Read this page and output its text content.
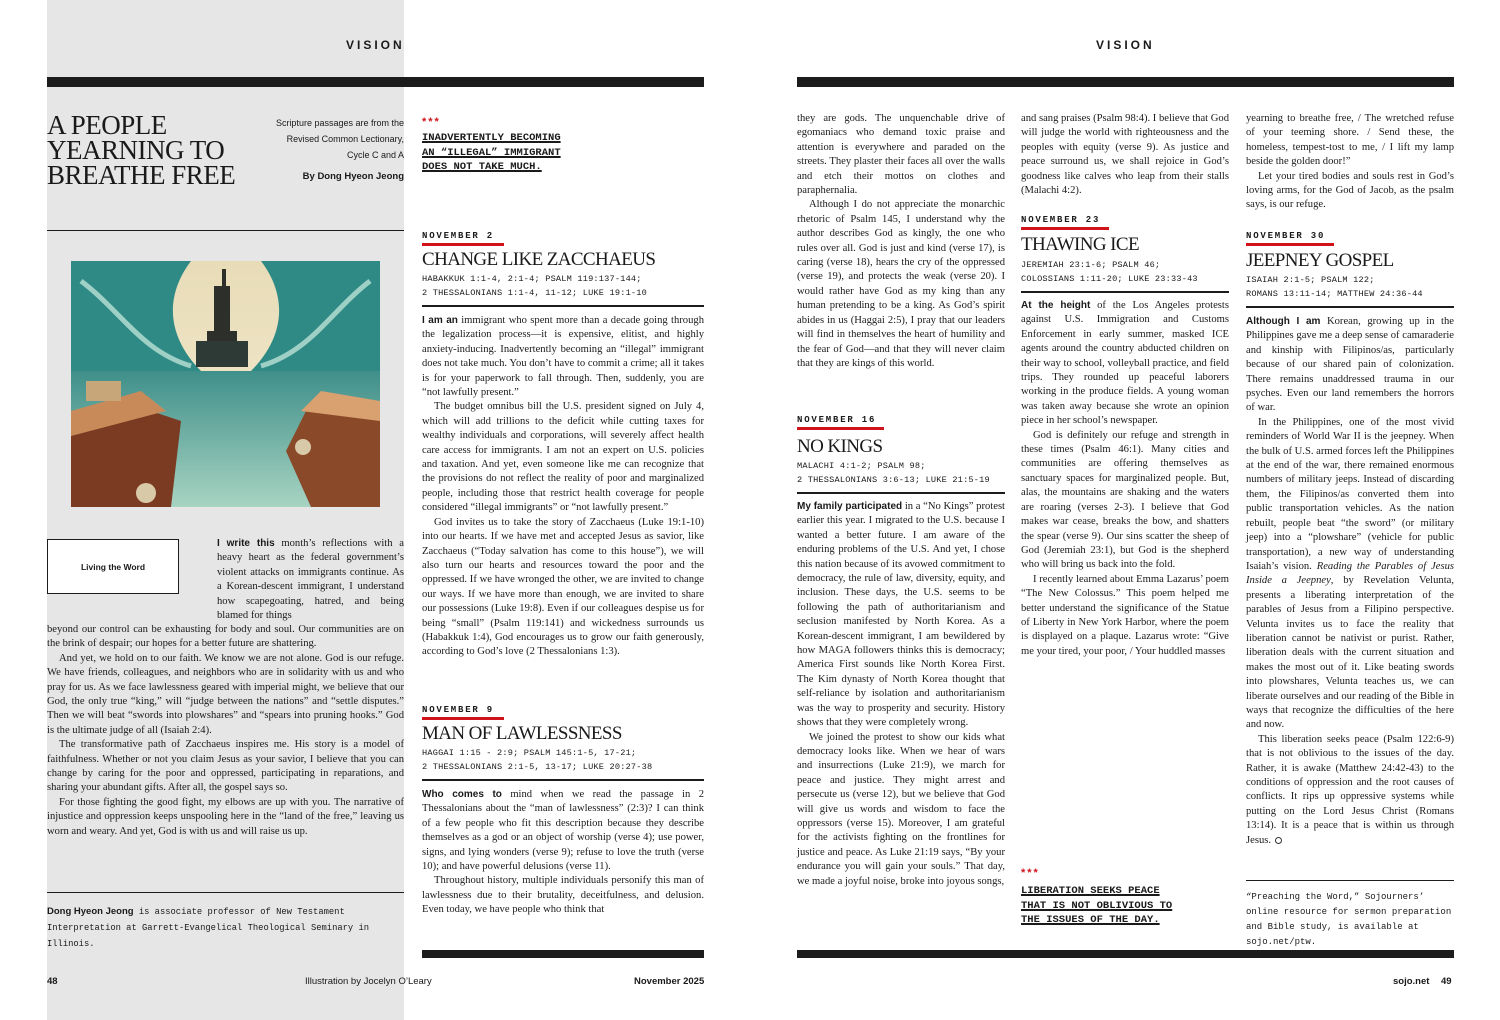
VISION	VISION
A PEOPLE YEARNING TO BREATHE FREE
Scripture passages are from the Revised Common Lectionary, Cycle C and A
By Dong Hyeon Jeong
Living the Word

I write this month’s reflections with a heavy heart as the federal government’s violent attacks on immigrants continue. As a Korean-descent immigrant, I understand how scapegoating, hatred, and being blamed for things

beyond our control can be exhausting for body and soul. Our communities are on the brink of despair; our hopes for a better future are shattering.

And yet, we hold on to our faith. We know we are not alone. God is our refuge. We have friends, colleagues, and neighbors who are in solidarity with us and who pray for us. As we face lawlessness geared with imperial might, we believe that our God, the only true “king,” will “judge between the nations” and “settle disputes.” Then we will beat “swords into plowshares” and “spears into pruning hooks.” God is the ultimate judge of all (Isaiah 2:4).

The transformative path of Zacchaeus inspires me. His story is a model of faithfulness. Whether or not you claim Jesus as your savior, I believe that you can change by caring for the poor and oppressed, participating in reparations, and sharing your abundant gifts. After all, the gospel says so.

For those fighting the good fight, my elbows are up with you. The narrative of injustice and oppression keeps unspooling here in the “land of the free,” leaving us worn and weary. And yet, God is with us and will raise us up.

Dong Hyeon Jeong is associate professor of New Testament Interpretation at Garrett-Evangelical Theological Seminary in Illinois.
***
INADVERTENTLY BECOMING
AN “ILLEGAL” IMMIGRANT
DOES NOT TAKE MUCH.
NOVEMBER 2
CHANGE LIKE ZACCHAEUS
HABAKKUK 1:1-4, 2:1-4; PSALM 119:137-144;
2 THESSALONIANS 1:1-4, 11-12; LUKE 19:1-10

I am an immigrant who spent more than a decade going through the legalization process—it is expensive, elitist, and highly anxiety-inducing. Inadvertently becoming an “illegal” immigrant does not take much. You don’t have to commit a crime; all it takes is for your paperwork to fall through. Then, suddenly, you are “not lawfully present.”

The budget omnibus bill the U.S. president signed on July 4, which will add trillions to the deficit while cutting taxes for wealthy individuals and corporations, will severely affect health care access for immigrants. I am not an expert on U.S. policies and taxation. And yet, even someone like me can recognize that the provisions do not reflect the reality of poor and marginalized people, including those that restrict health coverage for people considered “illegal immigrants” or “not lawfully present.”

God invites us to take the story of Zacchaeus (Luke 19:1-10) into our hearts. If we have met and accepted Jesus as savior, like Zacchaeus (“Today salvation has come to this house”), we will also turn our hearts and resources toward the poor and the oppressed. If we have wronged the other, we are invited to change our ways. If we have more than enough, we are invited to share our possessions (Luke 19:8). Even if our colleagues despise us for being “small” (Psalm 119:141) and wickedness surrounds us (Habakkuk 1:4), God encourages us to grow our faith generously, according to God’s love (2 Thessalonians 1:3).

NOVEMBER 9
MAN OF LAWLESSNESS
HAGGAI 1:15 - 2:9; PSALM 145:1-5, 17-21;
2 THESSALONIANS 2:1-5, 13-17; LUKE 20:27-38

Who comes to mind when we read the passage in 2 Thessalonians about the “man of lawlessness” (2:3)? I can think of a few people who fit this description because they describe themselves as a god or an object of worship (verse 4); use power, signs, and lying wonders (verse 9); refuse to love the truth (verse 10); and have powerful delusions (verse 11).

Throughout history, multiple individuals personify this man of lawlessness due to their brutality, deceitfulness, and delusion. Even today, we have people who think that

they are gods. The unquenchable drive of egomaniacs who demand toxic praise and attention is everywhere and paraded on the streets. They plaster their faces all over the walls and etch their mottos on clothes and paraphernalia.

Although I do not appreciate the monarchic rhetoric of Psalm 145, I understand why the author describes God as kingly, the one who rules over all. God is just and kind (verse 17), is caring (verse 18), hears the cry of the oppressed (verse 19), and protects the weak (verse 20). I would rather have God as my king than any human pretending to be a king. As God’s spirit abides in us (Haggai 2:5), I pray that our leaders will find in themselves the heart of humility and the fear of God—and that they will never claim that they are kings of this world.

NOVEMBER 16
NO KINGS
MALACHI 4:1-2; PSALM 98;
2 THESSALONIANS 3:6-13; LUKE 21:5-19

My family participated in a “No Kings” protest earlier this year. I migrated to the U.S. because I wanted a better future. I am aware of the enduring problems of the U.S. And yet, I chose this nation because of its avowed commitment to democracy, the rule of law, diversity, equity, and inclusion. These days, the U.S. seems to be following the path of authoritarianism and seclusion manifested by North Korea. As a Korean-descent immigrant, I am bewildered by how MAGA followers thinks this is democracy; America First sounds like North Korea First. The Kim dynasty of North Korea thought that self-reliance by isolation and authoritarianism was the way to prosperity and security. History shows that they were completely wrong.

We joined the protest to show our kids what democracy looks like. When we hear of wars and insurrections (Luke 21:9), we march for peace and justice. They might arrest and persecute us (verse 12), but we believe that God will give us words and wisdom to face the oppressors (verse 15). Moreover, I am grateful for the activists fighting on the frontlines for justice and peace. As Luke 21:19 says, “By your endurance you will gain your souls.” That day, we made a joyful noise, broke into joyous songs,

and sang praises (Psalm 98:4). I believe that God will judge the world with righteousness and the peoples with equity (verse 9). As justice and peace surround us, we shall rejoice in God’s goodness like calves who leap from their stalls (Malachi 4:2).

NOVEMBER 23
THAWING ICE
JEREMIAH 23:1-6; PSALM 46;
COLOSSIANS 1:11-20; LUKE 23:33-43

At the height of the Los Angeles protests against U.S. Immigration and Customs Enforcement in early summer, masked ICE agents around the country abducted children on their way to school, volleyball practice, and field trips. They rounded up peaceful laborers working in the produce fields. A young woman was taken away because she wrote an opinion piece in her school’s newspaper.

God is definitely our refuge and strength in these times (Psalm 46:1). Many cities and communities are offering themselves as sanctuary spaces for marginalized people. But, alas, the mountains are shaking and the waters are roaring (verses 2-3). I believe that God makes war cease, breaks the bow, and shatters the spear (verse 9). Our sins scatter the sheep of God (Jeremiah 23:1), but God is the shepherd who will bring us back into the fold.

I recently learned about Emma Lazarus’ poem “The New Colossus.” This poem helped me better understand the significance of the Statue of Liberty in New York Harbor, where the poem is displayed on a plaque. Lazarus wrote: “Give me your tired, your poor, / Your huddled masses

***
LIBERATION SEEKS PEACE
THAT IS NOT OBLIVIOUS TO
THE ISSUES OF THE DAY.

yearning to breathe free, / The wretched refuse of your teeming shore. / Send these, the homeless, tempest-tost to me, / I lift my lamp beside the golden door!”

Let your tired bodies and souls rest in God’s loving arms, for the God of Jacob, as the psalm says, is our refuge.

NOVEMBER 30
JEEPNEY GOSPEL
ISAIAH 2:1-5; PSALM 122;
ROMANS 13:11-14; MATTHEW 24:36-44

Although I am Korean, growing up in the Philippines gave me a deep sense of camaraderie and kinship with Filipinos/as, particularly because of our shared pain of colonization. There remains unaddressed trauma in our psyches. Even our land remembers the horrors of war.

In the Philippines, one of the most vivid reminders of World War II is the jeepney. When the bulk of U.S. armed forces left the Philippines at the end of the war, there remained enormous numbers of military jeeps. Instead of discarding them, the Filipinos/as converted them into public transportation vehicles. As the nation rebuilt, people beat “the sword” (or military jeep) into a “plowshare” (vehicle for public transportation), a new way of understanding Isaiah’s vision. Reading the Parables of Jesus Inside a Jeepney, by Revelation Velunta, presents a liberating interpretation of the parables of Jesus from a Filipino perspective. Velunta invites us to face the reality that liberation cannot be nativist or purist. Rather, liberation deals with the current situation and makes the most out of it. Like beating swords into plowshares, Velunta teaches us, we can liberate ourselves and our reading of the Bible in ways that recognize the difficulties of the here and now.

This liberation seeks peace (Psalm 122:6-9) that is not oblivious to the issues of the day. Rather, it is awake (Matthew 24:42-43) to the conditions of oppression and the root causes of conflicts. It rips up oppressive systems while putting on the Lord Jesus Christ (Romans 13:14). It is a peace that is within us through Jesus.

“Preaching the Word,” Sojourners’ online resource for sermon preparation and Bible study, is available at sojo.net/ptw.
48	Illustration by Jocelyn O’Leary	November 2025	sojo.net 49
